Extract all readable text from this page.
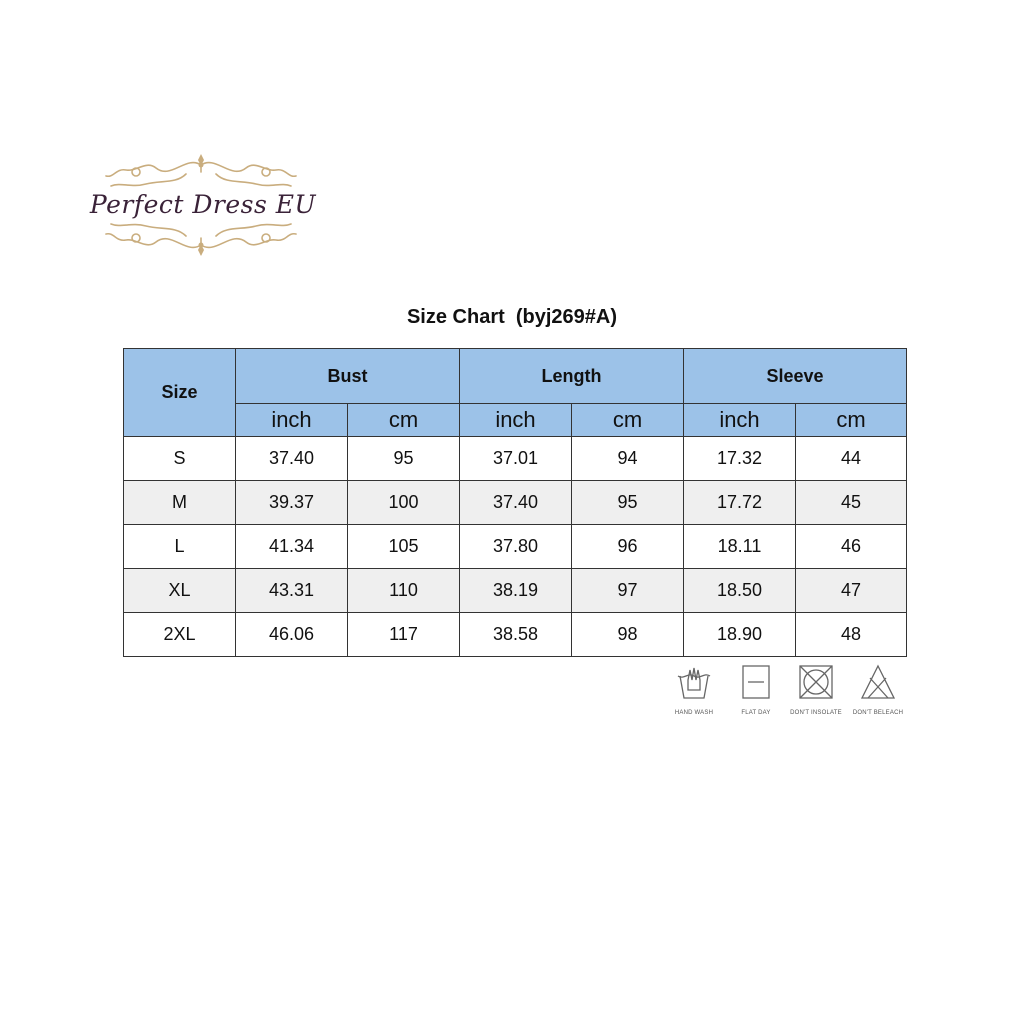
Perfect Dress EU
Size Chart  (byj269#A)
Size	Bust		Length		Sleeve	
	inch	cm	inch	cm	inch	cm
S	37.40	95	37.01	94	17.32	44
M	39.37	100	37.40	95	17.72	45
L	41.34	105	37.80	96	18.11	46
XL	43.31	110	38.19	97	18.50	47
2XL	46.06	117	38.58	98	18.90	48
HAND WASH	FLAT DAY	DON'T INSOLATE	DON'T BELEACH
